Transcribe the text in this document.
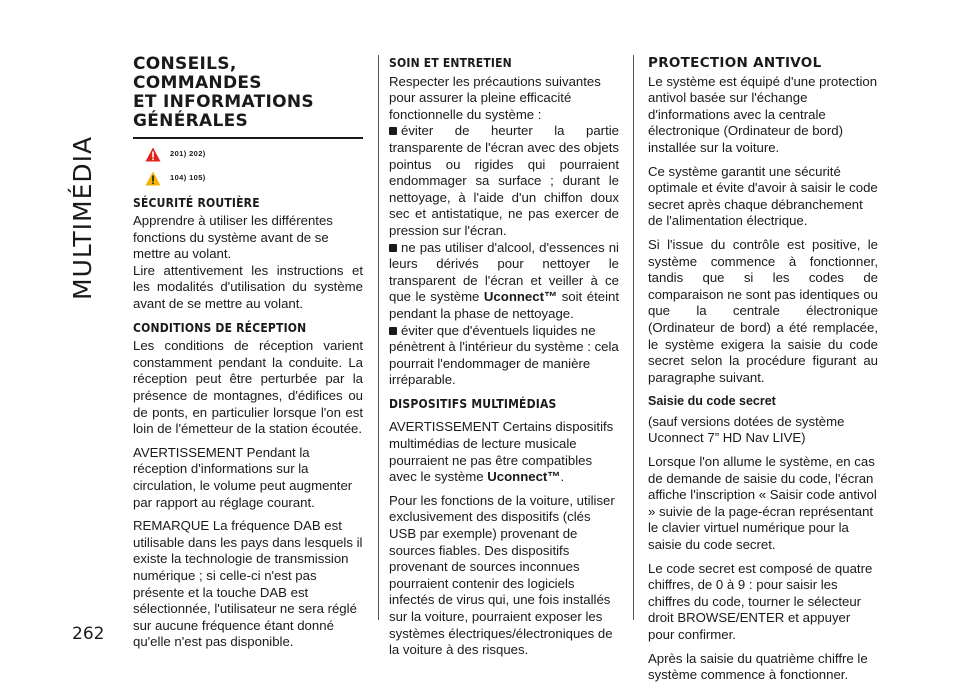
MULTIMÉDIA
262
CONSEILS, COMMANDES
ET INFORMATIONS
GÉNÉRALES
201) 202)
104) 105)
SÉCURITÉ ROUTIÈRE

Apprendre à utiliser les différentes fonctions du système avant de se mettre au volant.

Lire attentivement les instructions et les modalités d'utilisation du système avant de se mettre au volant.

CONDITIONS DE RÉCEPTION

Les conditions de réception varient constamment pendant la conduite. La réception peut être perturbée par la présence de montagnes, d'édifices ou de ponts, en particulier lorsque l'on est loin de l'émetteur de la station écoutée.

AVERTISSEMENT Pendant la réception d'informations sur la circulation, le volume peut augmenter par rapport au réglage courant.

REMARQUE La fréquence DAB est utilisable dans les pays dans lesquels il existe la technologie de transmission numérique ; si celle-ci n'est pas présente et la touche DAB est sélectionnée, l'utilisateur ne sera réglé sur aucune fréquence étant donné qu'elle n'est pas disponible.

SOIN ET ENTRETIEN

Respecter les précautions suivantes pour assurer la pleine efficacité fonctionnelle du système :

éviter de heurter la partie transparente de l'écran avec des objets pointus ou rigides qui pourraient endommager sa surface ; durant le nettoyage, à l'aide d'un chiffon doux sec et antistatique, ne pas exercer de pression sur l'écran.

ne pas utiliser d'alcool, d'essences ni leurs dérivés pour nettoyer le transparent de l'écran et veiller à ce que le système Uconnect™ soit éteint pendant la phase de nettoyage.

éviter que d'éventuels liquides ne pénètrent à l'intérieur du système : cela pourrait l'endommager de manière irréparable.

DISPOSITIFS MULTIMÉDIAS

AVERTISSEMENT Certains dispositifs multimédias de lecture musicale pourraient ne pas être compatibles avec le système Uconnect™.

Pour les fonctions de la voiture, utiliser exclusivement des dispositifs (clés USB par exemple) provenant de sources fiables. Des dispositifs provenant de sources inconnues pourraient contenir des logiciels infectés de virus qui, une fois installés sur la voiture, pourraient exposer les systèmes électriques/électroniques de la voiture à des risques.

PROTECTION ANTIVOL

Le système est équipé d'une protection antivol basée sur l'échange d'informations avec la centrale électronique (Ordinateur de bord) installée sur la voiture.

Ce système garantit une sécurité optimale et évite d'avoir à saisir le code secret après chaque débranchement de l'alimentation électrique.

Si l'issue du contrôle est positive, le système commence à fonctionner, tandis que si les codes de comparaison ne sont pas identiques ou que la centrale électronique (Ordinateur de bord) a été remplacée, le système exigera la saisie du code secret selon la procédure figurant au paragraphe suivant.

Saisie du code secret

(sauf versions dotées de système Uconnect 7” HD Nav LIVE)

Lorsque l'on allume le système, en cas de demande de saisie du code, l'écran affiche l'inscription « Saisir code antivol » suivie de la page-écran représentant le clavier virtuel numérique pour la saisie du code secret.

Le code secret est composé de quatre chiffres, de 0 à 9 : pour saisir les chiffres du code, tourner le sélecteur droit BROWSE/ENTER et appuyer pour confirmer.

Après la saisie du quatrième chiffre le système commence à fonctionner.
